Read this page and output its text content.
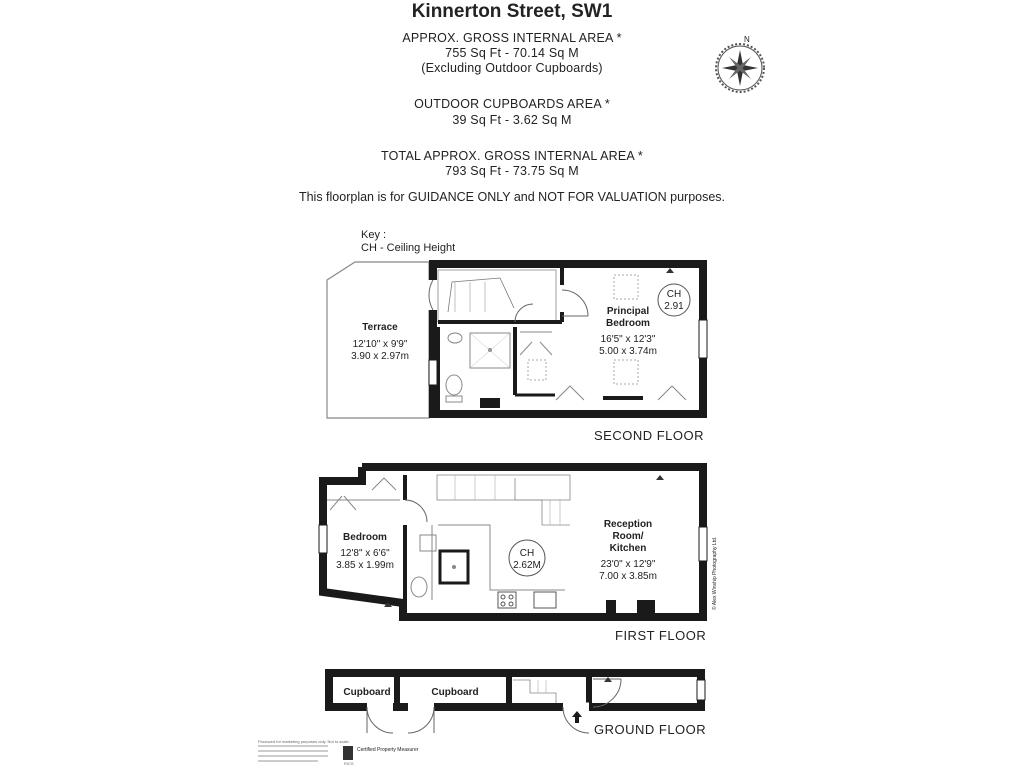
Kinnerton Street, SW1
APPROX. GROSS INTERNAL AREA *
755 Sq Ft - 70.14 Sq M
(Excluding Outdoor Cupboards)
OUTDOOR CUPBOARDS AREA *
39 Sq Ft - 3.62 Sq M
TOTAL APPROX. GROSS INTERNAL AREA *
793 Sq Ft - 73.75 Sq M
This floorplan is for GUIDANCE ONLY and NOT FOR VALUATION purposes.
Key :
CH - Ceiling Height
SECOND FLOOR
FIRST FLOOR
GROUND FLOOR
N
Terrace
12'10" x 9'9"
3.90 x 2.97m
Principal
Bedroom
16'5" x 12'3"
5.00 x 3.74m
CH
2.91
Bedroom
12'8" x 6'6"
3.85 x 1.99m
CH
2.62M
Reception
Room/
Kitchen
23'0" x 12'9"
7.00 x 3.85m	© Alex Winship Photography Ltd.
Cupboard	Cupboard
Produced for marketing purposes only. Not to scale.
RICS
Certified Property Measurer
